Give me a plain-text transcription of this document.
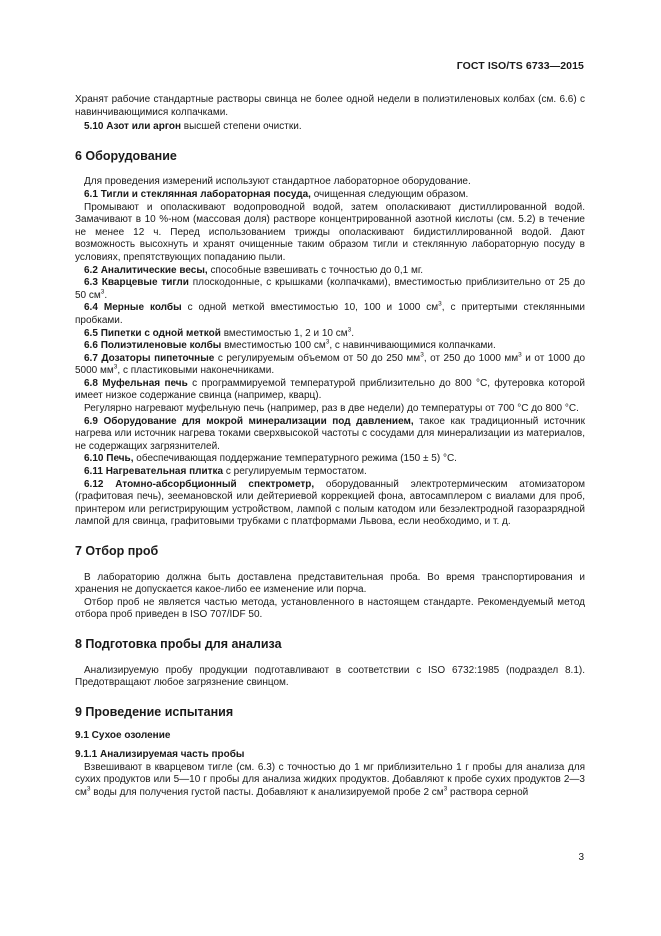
ГОСТ ISO/TS 6733—2015

Хранят рабочие стандартные растворы свинца не более одной недели в полиэтиленовых колбах (см. 6.6) с навинчивающимися колпачками.

5.10 Азот или аргон высшей степени очистки.

6 Оборудование

Для проведения измерений используют стандартное лабораторное оборудование.

6.1 Тигли и стеклянная лабораторная посуда, очищенная следующим образом.

Промывают и ополаскивают водопроводной водой, затем ополаскивают дистиллированной водой. Замачивают в 10 %-ном (массовая доля) растворе концентрированной азотной кислоты (см. 5.2) в течение не менее 12 ч. Перед использованием трижды ополаскивают бидистиллированной водой. Дают возможность высохнуть и хранят очищенные таким образом тигли и стеклянную лабораторную посуду в условиях, препятствующих попаданию пыли.

6.2 Аналитические весы, способные взвешивать с точностью до 0,1 мг.

6.3 Кварцевые тигли плоскодонные, с крышками (колпачками), вместимостью приблизительно от 25 до 50 $см^3$.

6.4 Мерные колбы с одной меткой вместимостью 10, 100 и 1000 $см^3$, с притертыми стеклянными пробками.

6.5 Пипетки с одной меткой вместимостью 1, 2 и 10 $см^3$.

6.6 Полиэтиленовые колбы вместимостью 100 $см^3$, с навинчивающимися колпачками.

6.7 Дозаторы пипеточные с регулируемым объемом от 50 до 250 $мм^3$, от 250 до 1000 $мм^3$ и от 1000 до 5000 $мм^3$, с пластиковыми наконечниками.

6.8 Муфельная печь с программируемой температурой приблизительно до 800 °C, футеровка которой имеет низкое содержание свинца (например, кварц).

Регулярно нагревают муфельную печь (например, раз в две недели) до температуры от 700 °C до 800 °C.

6.9 Оборудование для мокрой минерализации под давлением, такое как традиционный источник нагрева или источник нагрева токами сверхвысокой частоты с сосудами для минерализации из материалов, не содержащих загрязнителей.

6.10 Печь, обеспечивающая поддержание температурного режима (150 ± 5) °С.

6.11 Нагревательная плитка с регулируемым термостатом.

6.12 Атомно-абсорбционный спектрометр, оборудованный электротермическим атомизатором (графитовая печь), зеемановской или дейтериевой коррекцией фона, автосамплером с виалами для проб, принтером или регистрирующим устройством, лампой с полым катодом или безэлектродной газоразрядной лампой для свинца, графитовыми трубками с платформами Львова, если необходимо, и т. д.

7 Отбор проб

В лабораторию должна быть доставлена представительная проба. Во время транспортирования и хранения не допускается какое-либо ее изменение или порча.

Отбор проб не является частью метода, установленного в настоящем стандарте. Рекомендуемый метод отбора проб приведен в ISO 707/IDF 50.

8 Подготовка пробы для анализа

Анализируемую пробу продукции подготавливают в соответствии с ISO 6732:1985 (подраздел 8.1). Предотвращают любое загрязнение свинцом.

9 Проведение испытания
9.1 Сухое озоление
9.1.1 Анализируемая часть пробы

Взвешивают в кварцевом тигле (см. 6.3) с точностью до 1 мг приблизительно 1 г пробы для анализа для сухих продуктов или 5—10 г пробы для анализа жидких продуктов. Добавляют к пробе сухих продуктов 2—3 $см^3$ воды для получения густой пасты. Добавляют к анализируемой пробе 2 $см^3$ раствора серной

3
